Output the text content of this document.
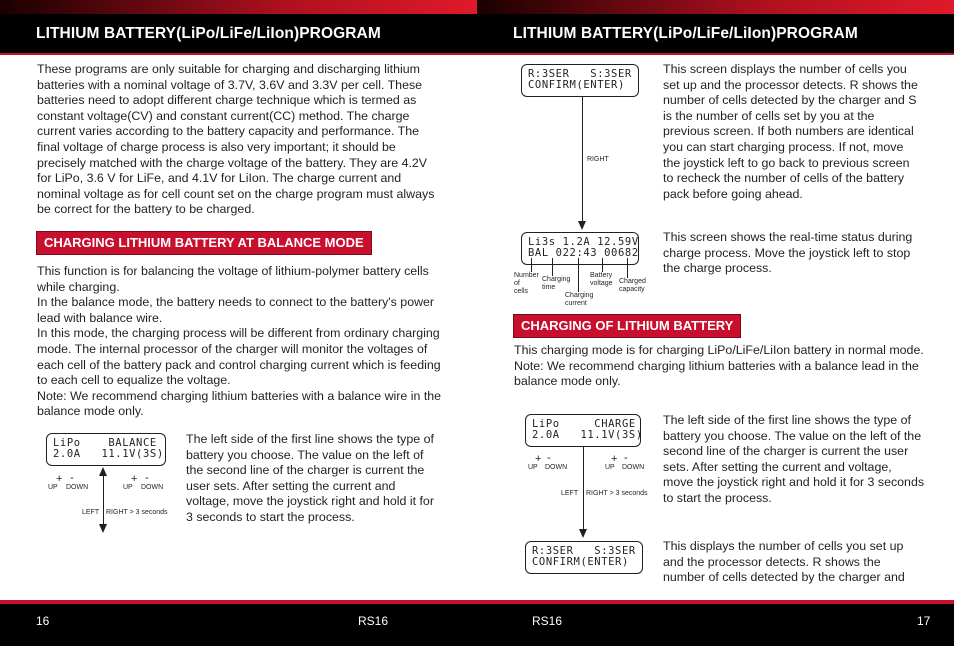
LITHIUM BATTERY(LiPo/LiFe/LiIon)PROGRAM	LITHIUM BATTERY(LiPo/LiFe/LiIon)PROGRAM

These programs are only suitable for charging and discharging lithium batteries with a nominal voltage of 3.7V, 3.6V and 3.3V per cell. These batteries need to adopt different charge technique which is termed as constant voltage(CV) and constant current(CC) method. The charge current varies according to the battery capacity and performance. The final voltage of charge process is also very important; it should be precisely matched with the charge voltage of the battery. They are 4.2V for LiPo, 3.6 V for LiFe, and 4.1V for LiIon. The charge current and nominal voltage as for cell count set on the charge program must always be correct for the battery to be charged.

CHARGING LITHIUM BATTERY AT BALANCE MODE

This function is for balancing the voltage of lithium-polymer battery cells while charging.
In the balance mode, the battery needs to connect to the battery's power lead with balance wire.
In this mode, the charging process will be different from ordinary charging mode. The internal processor of the charger will monitor the voltages of each cell of the battery pack and control charging current which is feeding to each cell to equalize the voltage.
Note: We recommend charging lithium batteries with a balance wire in the balance mode only.

LiPo    BALANCE
2.0A   11.1V(3S)
+ -	+ -
UP DOWN	UP DOWN
LEFT RIGHT > 3 seconds

The left side of the first line shows the type of battery you choose. The value on the left of the second line of the charger is current the user sets. After setting the current and voltage, move the joystick right and hold it for 3 seconds to start the process.

R:3SER   S:3SER
CONFIRM(ENTER)
RIGHT

This screen displays the number of cells you set up and the processor detects. R shows the number of cells detected by the charger and S is the number of cells set by you at the previous screen. If both numbers are identical you can start charging process. If not, move the joystick left to go back to previous screen to recheck the number of cells of the battery pack before going ahead.

Li3s 1.2A 12.59V
BAL 022:43 00682
Number
of
cells
Charging
time
Charging
current
Battery
voltage Charged
capacity

This screen shows the real-time status during charge process. Move the joystick left to stop the charge process.

CHARGING OF LITHIUM BATTERY

This charging mode is for charging LiPo/LiFe/LiIon battery in normal mode.
Note: We recommend charging lithium batteries with a balance lead in the balance mode only.

LiPo     CHARGE
2.0A   11.1V(3S)
+ -	+ -
UP DOWN	UP DOWN
LEFT RIGHT > 3 seconds

The left side of the first line shows the type of battery you choose. The value on the left of the second line of the charger is current the user sets. After setting the current and voltage, move the joystick right and hold it for 3 seconds to start the process.

R:3SER   S:3SER
CONFIRM(ENTER)

This displays the number of cells you set up and the processor detects. R shows the number of cells detected by the charger and

16	RS16	RS16	17
